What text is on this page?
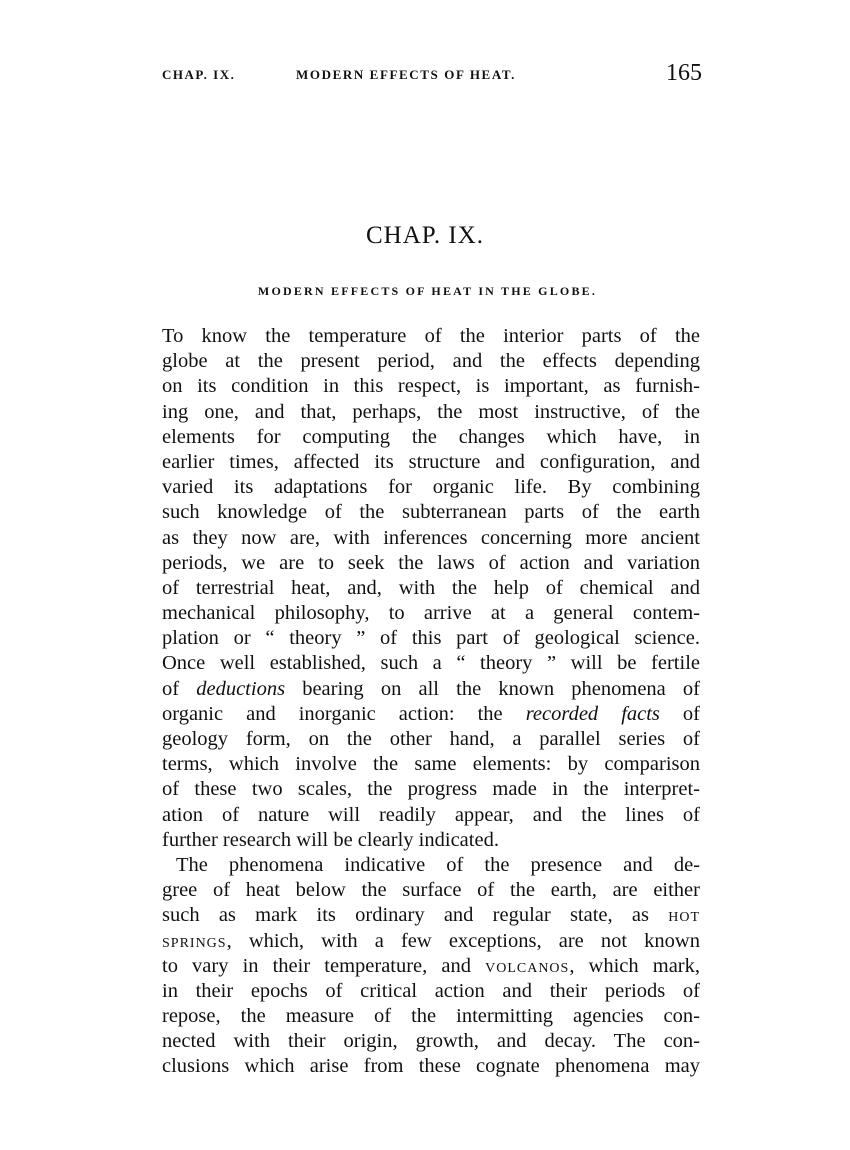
CHAP. IX.	MODERN EFFECTS OF HEAT.	165
CHAP. IX.
MODERN EFFECTS OF HEAT IN THE GLOBE.
To know the temperature of the interior parts of the
globe at the present period, and the effects depending
on its condition in this respect, is important, as furnish-
ing one, and that, perhaps, the most instructive, of the
elements for computing the changes which have, in
earlier times, affected its structure and configuration, and
varied its adaptations for organic life. By combining
such knowledge of the subterranean parts of the earth
as they now are, with inferences concerning more ancient
periods, we are to seek the laws of action and variation
of terrestrial heat, and, with the help of chemical and
mechanical philosophy, to arrive at a general contem-
plation or “ theory ” of this part of geological science.
Once well established, such a “ theory ” will be fertile
of deductions bearing on all the known phenomena of
organic and inorganic action: the recorded facts of
geology form, on the other hand, a parallel series of
terms, which involve the same elements: by comparison
of these two scales, the progress made in the interpret-
ation of nature will readily appear, and the lines of
further research will be clearly indicated.
The phenomena indicative of the presence and de-
gree of heat below the surface of the earth, are either
such as mark its ordinary and regular state, as HOT
SPRINGS, which, with a few exceptions, are not known
to vary in their temperature, and VOLCANOS, which mark,
in their epochs of critical action and their periods of
repose, the measure of the intermitting agencies con-
nected with their origin, growth, and decay. The con-
clusions which arise from these cognate phenomena may
